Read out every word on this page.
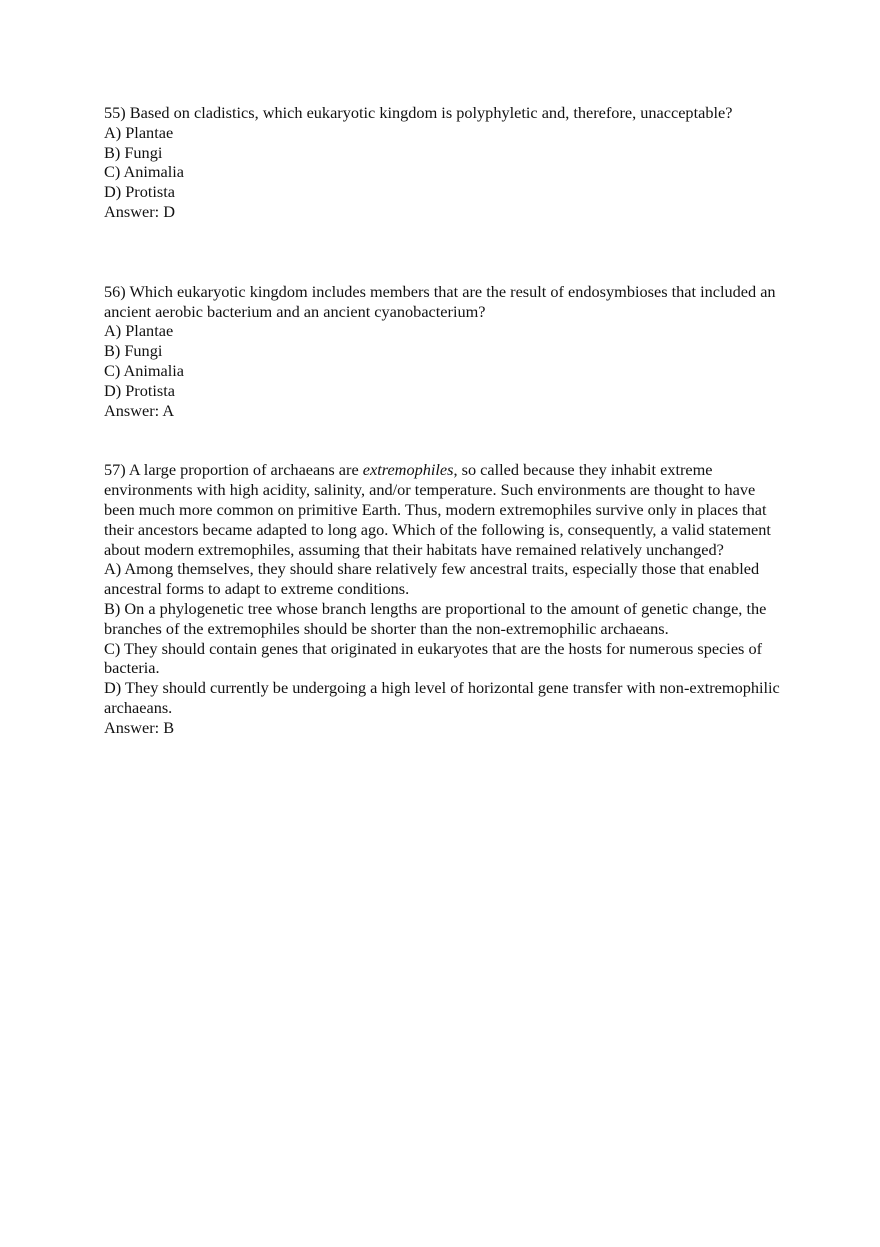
55) Based on cladistics, which eukaryotic kingdom is polyphyletic and, therefore, unacceptable?
A) Plantae
B) Fungi
C) Animalia
D) Protista
Answer: D
56) Which eukaryotic kingdom includes members that are the result of endosymbioses that included an ancient aerobic bacterium and an ancient cyanobacterium?
A) Plantae
B) Fungi
C) Animalia
D) Protista
Answer: A
57) A large proportion of archaeans are extremophiles, so called because they inhabit extreme environments with high acidity, salinity, and/or temperature. Such environments are thought to have been much more common on primitive Earth. Thus, modern extremophiles survive only in places that their ancestors became adapted to long ago. Which of the following is, consequently, a valid statement about modern extremophiles, assuming that their habitats have remained relatively unchanged?
A) Among themselves, they should share relatively few ancestral traits, especially those that enabled ancestral forms to adapt to extreme conditions.
B) On a phylogenetic tree whose branch lengths are proportional to the amount of genetic change, the branches of the extremophiles should be shorter than the non-extremophilic archaeans.
C) They should contain genes that originated in eukaryotes that are the hosts for numerous species of bacteria.
D) They should currently be undergoing a high level of horizontal gene transfer with non-extremophilic archaeans.
Answer: B
